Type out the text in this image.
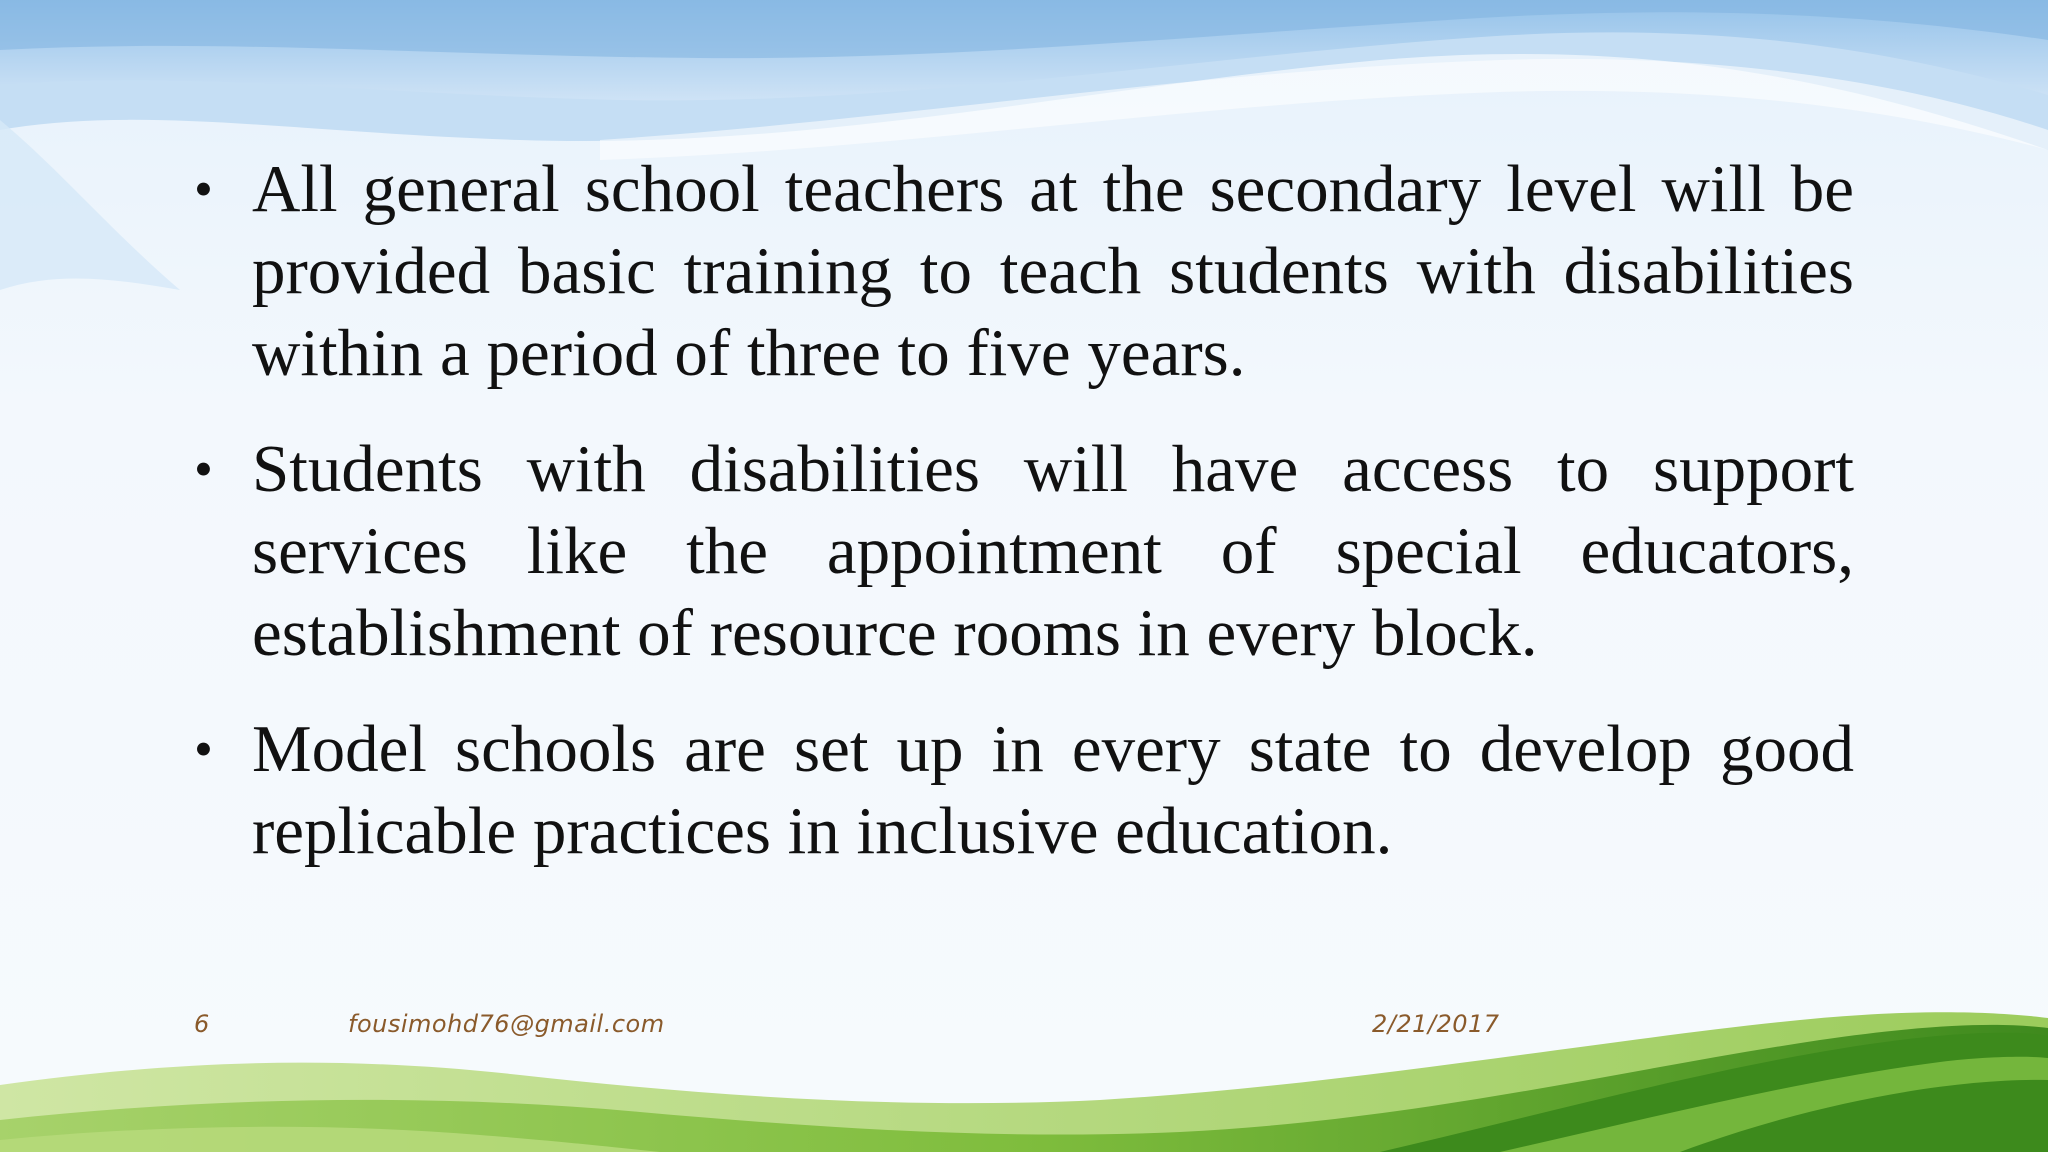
• All general school teachers at the secondary level will be provided basic training to teach students with disabilities within a period of three to five years.

• Students with disabilities will have access to support services like the appointment of special educators, establishment of resource rooms in every block.

• Model schools are set up in every state to develop good replicable practices in inclusive education.

6	fousimohd76@gmail.com	2/21/2017
